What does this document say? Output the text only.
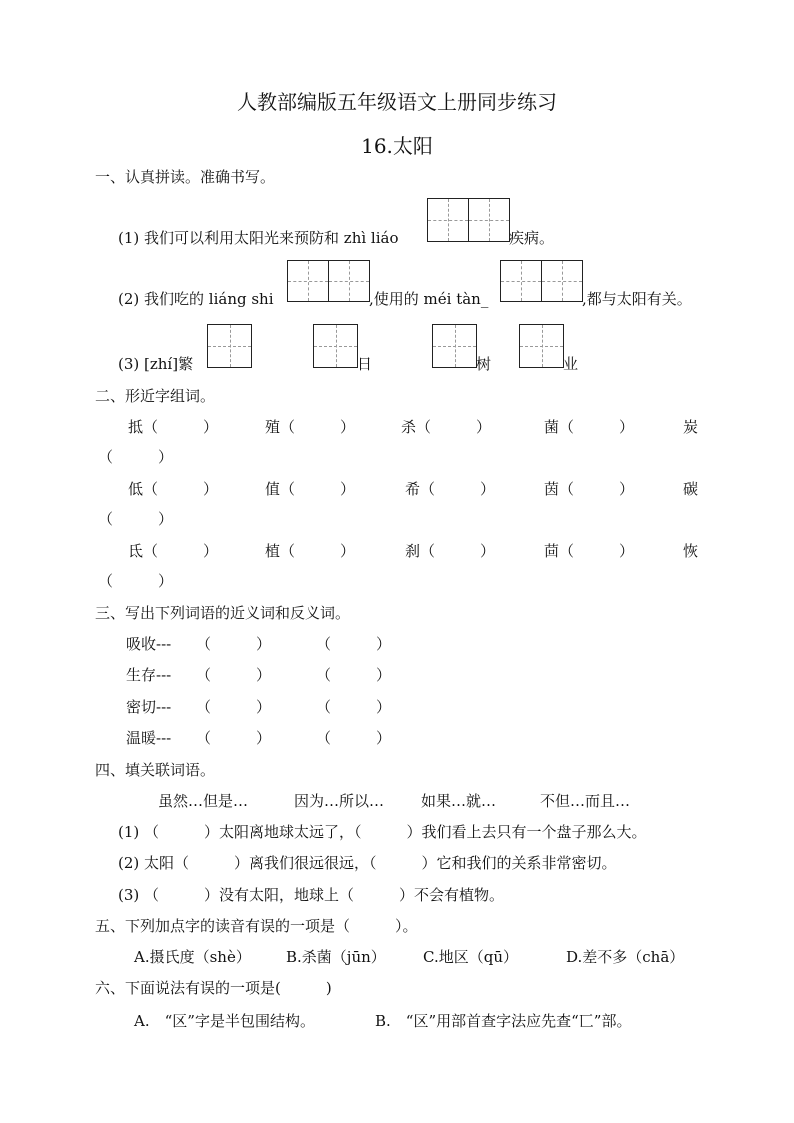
人教部编版五年级语文上册同步练习
16.太阳
一、认真拼读。准确书写。
(1) 我们可以利用太阳光来预防和 zhì liáo	疾病。
(2) 我们吃的 liáng shi	,使用的 méi tàn_	,都与太阳有关。
(3) [zhí]繁	日	树	业
二、形近字组词。
抵（　　　）	殖（　　　）	杀（　　　）	菌（　　　）	炭
（　　　）
低（　　　）	值（　　　）	希（　　　）	茵（　　　）	碳
（　　　）
氐（　　　）	植（　　　）	刹（　　　）	茴（　　　）	恢
（　　　）
三、写出下列词语的近义词和反义词。
吸收--- （　　　）	（　　　）
生存--- （　　　）	（　　　）
密切--- （　　　）	（　　　）
温暖--- （　　　）	（　　　）
四、填关联词语。
虽然…但是…	因为…所以… 如果…就…	不但…而且…
(1) （　　　）太阳离地球太远了，（　　　）我们看上去只有一个盘子那么大。
(2) 太阳（　　　）离我们很远很远，（　　　）它和我们的关系非常密切。
(3) （　　　）没有太阳，地球上（　　　）不会有植物。
五、下列加点字的读音有误的一项是（　　　）。
A.摄氏度（shè） B.杀菌（jūn） C.地区（qū）	D.差不多（chā）
六、下面说法有误的一项是(　　　)
A.　“区”字是半包围结构。	B.　“区”用部首查字法应先查“匸”部。
